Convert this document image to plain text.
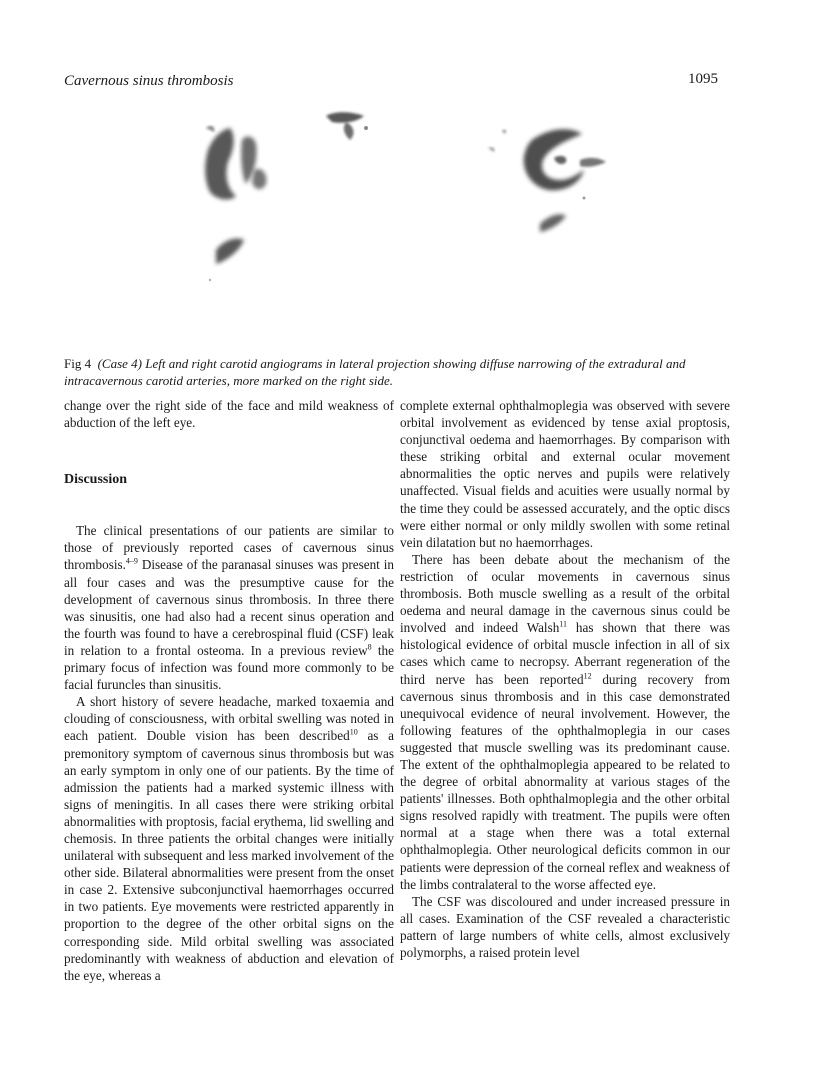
Cavernous sinus thrombosis	1095
Fig 4 (Case 4) Left and right carotid angiograms in lateral projection showing diffuse narrowing of the extradural and intracavernous carotid arteries, more marked on the right side.

change over the right side of the face and mild weakness of abduction of the left eye.

Discussion

The clinical presentations of our patients are similar to those of previously reported cases of cavernous sinus thrombosis.$^{4-9}$ Disease of the paranasal sinuses was present in all four cases and was the presumptive cause for the development of cavernous sinus thrombosis. In three there was sinusitis, one had also had a recent sinus operation and the fourth was found to have a cerebrospinal fluid (CSF) leak in relation to a frontal osteoma. In a previous review$^8$ the primary focus of infection was found more commonly to be facial furuncles than sinusitis.

A short history of severe headache, marked toxaemia and clouding of consciousness, with orbital swelling was noted in each patient. Double vision has been described$^{10}$ as a premonitory symptom of cavernous sinus thrombosis but was an early symptom in only one of our patients. By the time of admission the patients had a marked systemic illness with signs of meningitis. In all cases there were striking orbital abnormalities with proptosis, facial erythema, lid swelling and chemosis. In three patients the orbital changes were initially unilateral with subsequent and less marked involvement of the other side. Bilateral abnormalities were present from the onset in case 2. Extensive subconjunctival haemorrhages occurred in two patients. Eye movements were restricted apparently in proportion to the degree of the other orbital signs on the corresponding side. Mild orbital swelling was associated predominantly with weakness of abduction and elevation of the eye, whereas a

complete external ophthalmoplegia was observed with severe orbital involvement as evidenced by tense axial proptosis, conjunctival oedema and haemorrhages. By comparison with these striking orbital and external ocular movement abnormalities the optic nerves and pupils were relatively unaffected. Visual fields and acuities were usually normal by the time they could be assessed accurately, and the optic discs were either normal or only mildly swollen with some retinal vein dilatation but no haemorrhages.

There has been debate about the mechanism of the restriction of ocular movements in cavernous sinus thrombosis. Both muscle swelling as a result of the orbital oedema and neural damage in the cavernous sinus could be involved and indeed Walsh$^{11}$ has shown that there was histological evidence of orbital muscle infection in all of six cases which came to necropsy. Aberrant regeneration of the third nerve has been reported$^{12}$ during recovery from cavernous sinus thrombosis and in this case demonstrated unequivocal evidence of neural involvement. However, the following features of the ophthalmoplegia in our cases suggested that muscle swelling was its predominant cause. The extent of the ophthalmoplegia appeared to be related to the degree of orbital abnormality at various stages of the patients' illnesses. Both ophthalmoplegia and the other orbital signs resolved rapidly with treatment. The pupils were often normal at a stage when there was a total external ophthalmoplegia. Other neurological deficits common in our patients were depression of the corneal reflex and weakness of the limbs contralateral to the worse affected eye.

The CSF was discoloured and under increased pressure in all cases. Examination of the CSF revealed a characteristic pattern of large numbers of white cells, almost exclusively polymorphs, a raised protein level
